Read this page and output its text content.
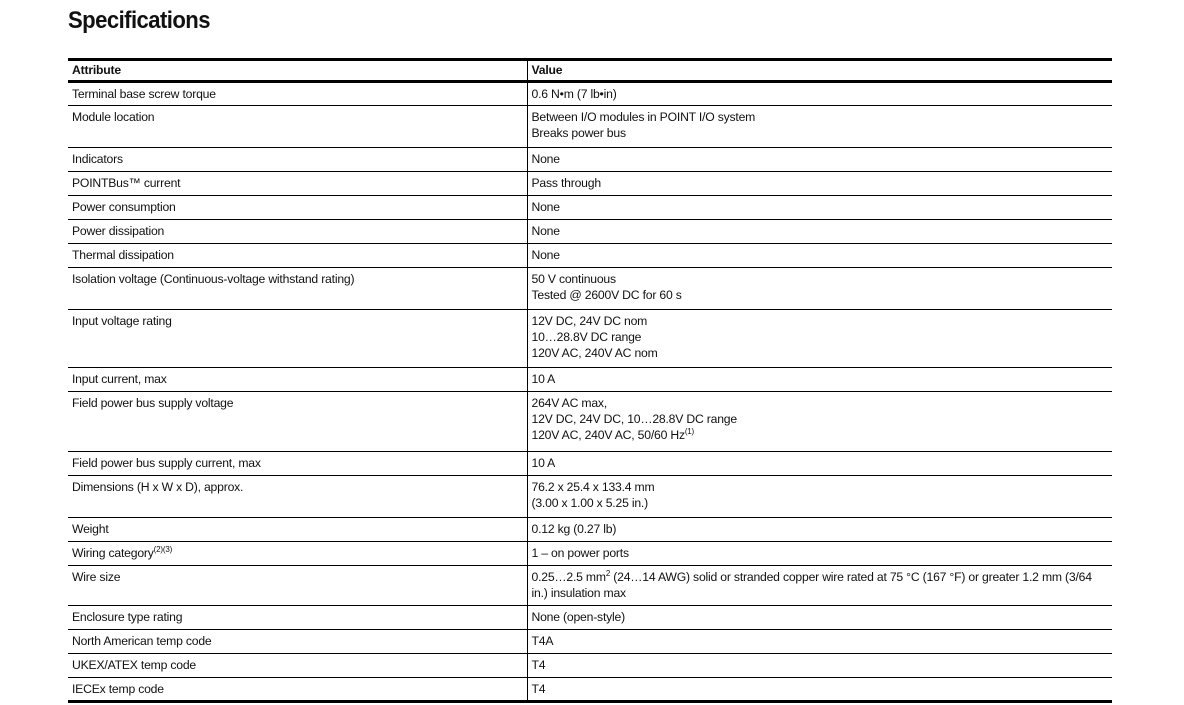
Specifications
Attribute	Value
Terminal base screw torque	0.6 N•m (7 lb•in)

Module location	Between I/O modules in POINT I/O system
Breaks power bus

Indicators	None

POINTBus™ current	Pass through

Power consumption	None

Power dissipation	None

Thermal dissipation	None

Isolation voltage (Continuous-voltage withstand rating)	50 V continuous
Tested @ 2600V DC for 60 s

Input voltage rating	12V DC, 24V DC nom
10…28.8V DC range
120V AC, 240V AC nom

Input current, max	10 A

Field power bus supply voltage	264V AC max,
12V DC, 24V DC, 10…28.8V DC range
120V AC, 240V AC, 50/60 Hz$^{(1)}$

Field power bus supply current, max	10 A

Dimensions (H x W x D), approx.	76.2 x 25.4 x 133.4 mm
(3.00 x 1.00 x 5.25 in.)

Weight	0.12 kg (0.27 lb)

Wiring category$^{(2)(3)}$	1 – on power ports

Wire size	0.25…2.5 $mm^2$ (24…14 AWG) solid or stranded copper wire rated at 75 °C (167 °F) or greater 1.2 mm (3/64 in.) insulation max

Enclosure type rating	None (open-style)

North American temp code	T4A

UKEX/ATEX temp code	T4

IECEx temp code	T4
